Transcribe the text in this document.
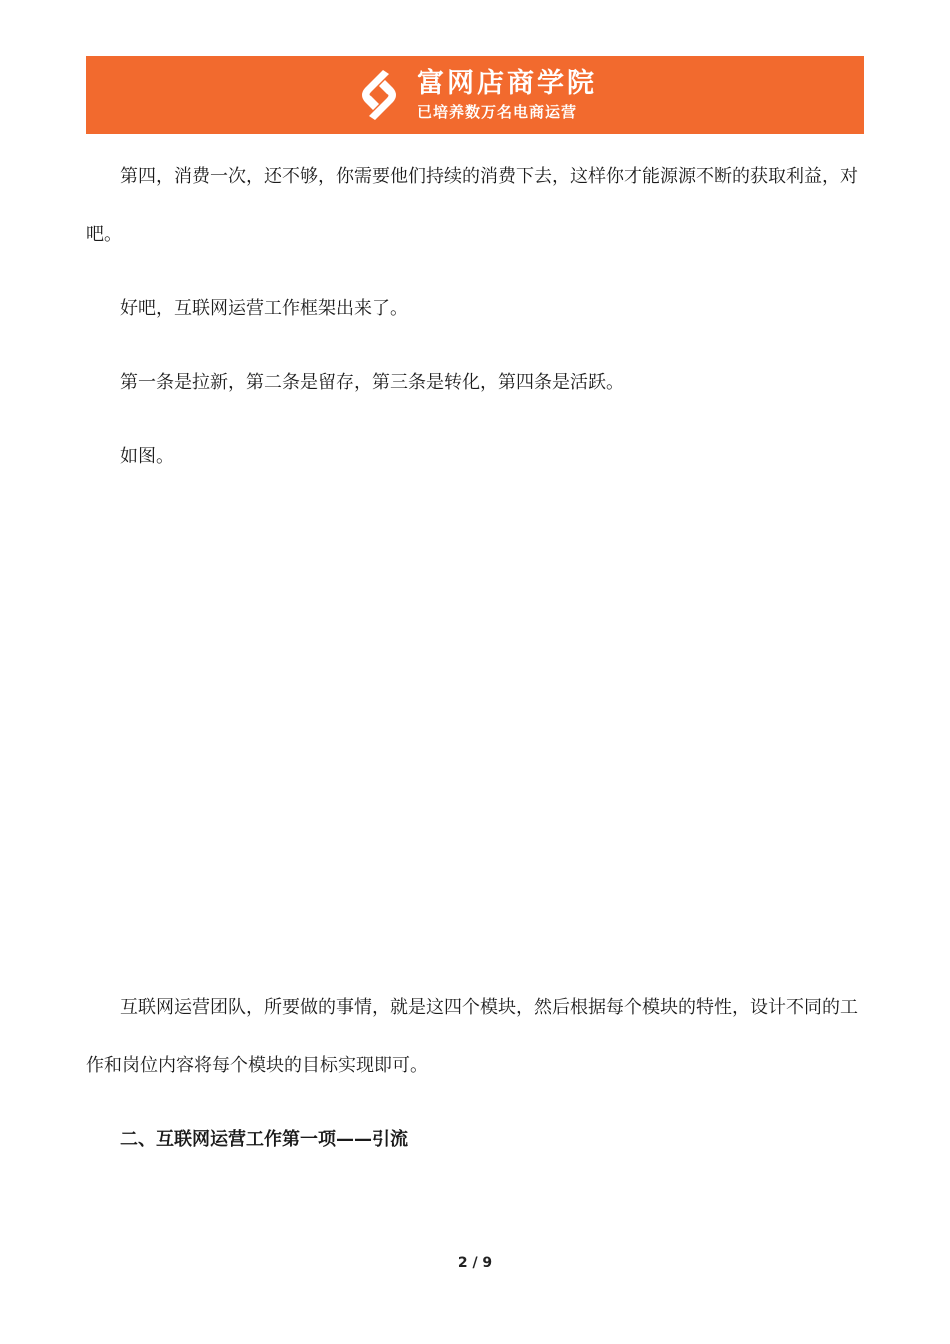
富网店商学院
已培养数万名电商运营

第四，消费一次，还不够，你需要他们持续的消费下去，这样你才能源源不断的获取利益，对吧。

好吧，互联网运营工作框架出来了。

第一条是拉新，第二条是留存，第三条是转化，第四条是活跃。

如图。

互联网运营团队，所要做的事情，就是这四个模块，然后根据每个模块的特性，设计不同的工作和岗位内容将每个模块的目标实现即可。

二、互联网运营工作第一项——引流

2 / 9
